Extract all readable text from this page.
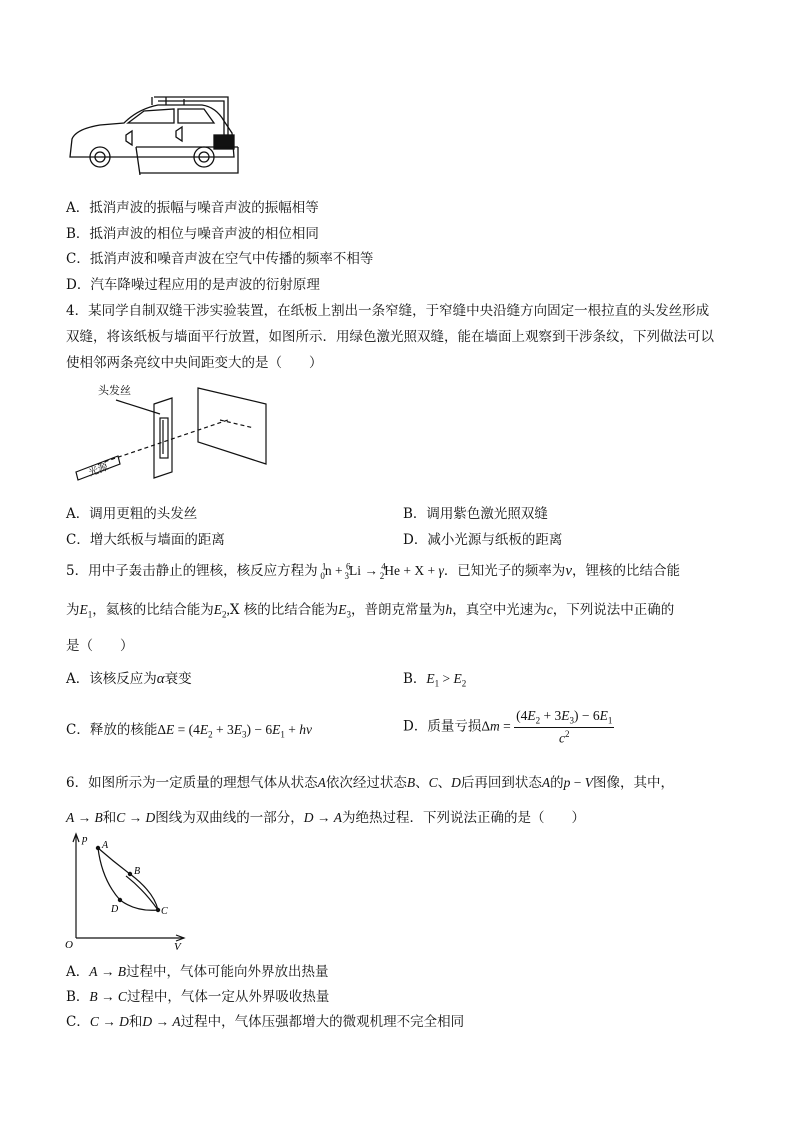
A．抵消声波的振幅与噪音声波的振幅相等
B．抵消声波的相位与噪音声波的相位相同
C．抵消声波和噪音声波在空气中传播的频率不相等
D．汽车降噪过程应用的是声波的衍射原理
4．某同学自制双缝干涉实验装置，在纸板上割出一条窄缝，于窄缝中央沿缝方向固定一根拉直的头发丝形成
双缝，将该纸板与墙面平行放置，如图所示．用绿色激光照双缝，能在墙面上观察到干涉条纹，下列做法可以
使相邻两条亮纹中央间距变大的是（　　）
头发丝
光源
A．调用更粗的头发丝	B．调用紫色激光照双缝
C．增大纸板与墙面的距离	D．减小光源与纸板的距离
5．用中子轰击静止的锂核，核反应方程为 $^1_0$n + $^6_3$Li → $^4_2$He + X + γ．已知光子的频率为ν，锂核的比结合能
为$E_1$，氦核的比结合能为$E_2,X$ 核的比结合能为$E_3$，普朗克常量为h，真空中光速为c，下列说法中正确的
是（　　）
A．该核反应为α衰变	B．$E_1 > E_2$
C．释放的核能$\Delta E = (4E_2 + 3E_3) - 6E_1 + h\nu$	D．质量亏损$\Delta m = \frac{(4E_2 + 3E_3) - 6E_1}{c^2}$
6．如图所示为一定质量的理想气体从状态A依次经过状态B、C、D后再回到状态A的p − V图像，其中，
A → B和C → D图线为双曲线的一部分，D → A为绝热过程．下列说法正确的是（　　）
p
V
O
A
B
C
D
A．A → B过程中，气体可能向外界放出热量
B．B → C过程中，气体一定从外界吸收热量
C．C → D和D → A过程中，气体压强都增大的微观机理不完全相同
